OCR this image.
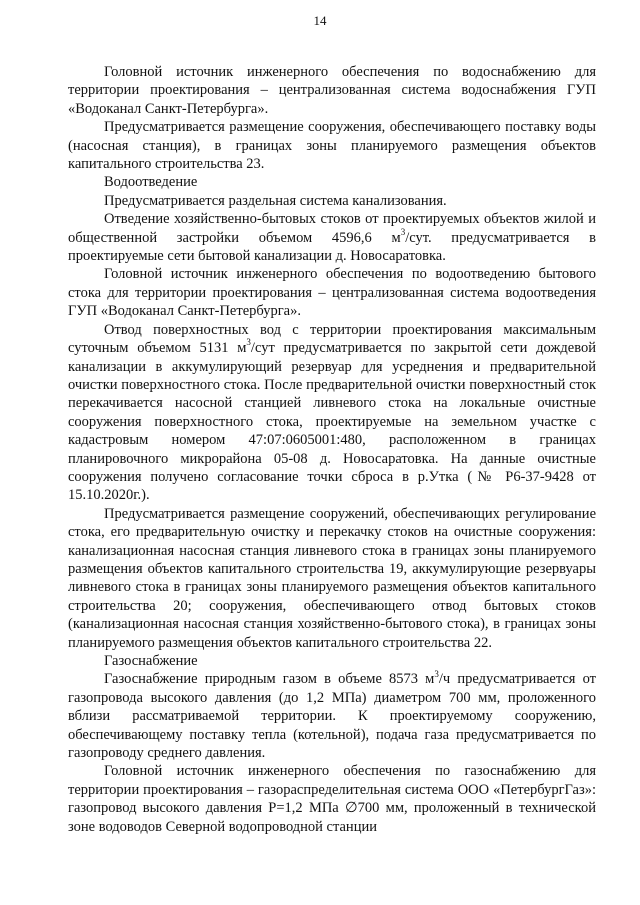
14

Головной источник инженерного обеспечения по водоснабжению для территории проектирования – централизованная система водоснабжения ГУП «Водоканал Санкт-Петербурга».

Предусматривается размещение сооружения, обеспечивающего поставку воды (насосная станция), в границах зоны планируемого размещения объектов капитального строительства 23.

Водоотведение

Предусматривается раздельная система канализования.

Отведение хозяйственно-бытовых стоков от проектируемых объектов жилой и общественной застройки объемом 4596,6 $м^3$/сут. предусматривается в проектируемые сети бытовой канализации д. Новосаратовка.

Головной источник инженерного обеспечения по водоотведению бытового стока для территории проектирования – централизованная система водоотведения ГУП «Водоканал Санкт-Петербурга».

Отвод поверхностных вод с территории проектирования максимальным суточным объемом 5131 $м^3$/сут предусматривается по закрытой сети дождевой канализации в аккумулирующий резервуар для усреднения и предварительной очистки поверхностного стока. После предварительной очистки поверхностный сток перекачивается насосной станцией ливневого стока на локальные очистные сооружения поверхностного стока, проектируемые на земельном участке с кадастровым номером 47:07:0605001:480, расположенном в границах планировочного микрорайона 05-08 д. Новосаратовка. На данные очистные сооружения получено согласование точки сброса в р.Утка (№ Р6-37-9428 от 15.10.2020г.).

Предусматривается размещение сооружений, обеспечивающих регулирование стока, его предварительную очистку и перекачку стоков на очистные сооружения: канализационная насосная станция ливневого стока в границах зоны планируемого размещения объектов капитального строительства 19, аккумулирующие резервуары ливневого стока в границах зоны планируемого размещения объектов капитального строительства 20; сооружения, обеспечивающего отвод бытовых стоков (канализационная насосная станция хозяйственно-бытового стока), в границах зоны планируемого размещения объектов капитального строительства 22.

Газоснабжение

Газоснабжение природным газом в объеме 8573 $м^3/ч$ предусматривается от газопровода высокого давления (до 1,2 МПа) диаметром 700 мм, проложенного вблизи рассматриваемой территории. К проектируемому сооружению, обеспечивающему поставку тепла (котельной), подача газа предусматривается по газопроводу среднего давления.

Головной источник инженерного обеспечения по газоснабжению для территории проектирования – газораспределительная система ООО «ПетербургГаз»: газопровод высокого давления Р=1,2 МПа ∅700 мм, проложенный в технической зоне водоводов Северной водопроводной станции
